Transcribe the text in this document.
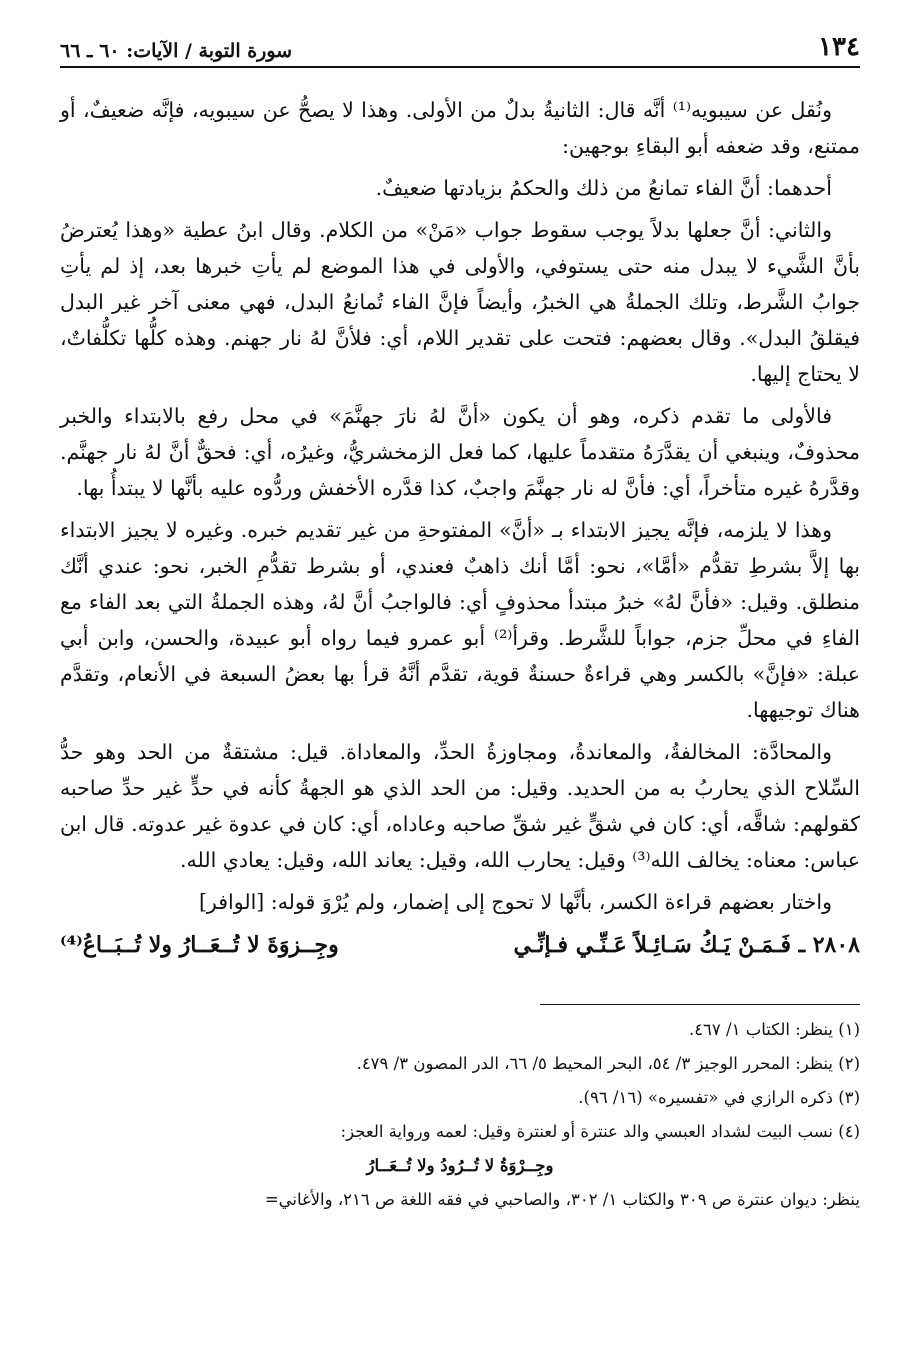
١٣٤
سورة التوبة / الآيات: ٦٠ ـ ٦٦

ونُقل عن سيبويه⁽¹⁾ أنَّه قال: الثانيةُ بدلٌ من الأولى. وهذا لا يصحُّ عن سيبويه، فإنَّه ضعيفٌ، أو ممتنع، وقد ضعفه أبو البقاءِ بوجهين:

أحدهما: أنَّ الفاء تمانعُ من ذلك والحكمُ بزيادتها ضعيفٌ.

والثاني: أنَّ جعلها بدلاً يوجب سقوط جواب «مَنْ» من الكلام. وقال ابنُ عطية «وهذا يُعترضُ بأنَّ الشَّيء لا يبدل منه حتى يستوفي، والأولى في هذا الموضع لم يأتِ خبرها بعد، إذ لم يأتِ جوابُ الشَّرط، وتلك الجملةُ هي الخبرُ، وأيضاً فإنَّ الفاء تُمانعُ البدل، فهي معنى آخر غير البدل فيقلقُ البدل». وقال بعضهم: فتحت على تقدير اللام، أي: فلأنَّ لهُ نار جهنم. وهذه كلُّها تكلُّفاتٌ، لا يحتاج إليها.

فالأولى ما تقدم ذكره، وهو أن يكون «أنَّ لهُ نارَ جهنَّمَ» في محل رفع بالابتداء والخبر محذوفٌ، وينبغي أن يقدَّرَهُ متقدماً عليها، كما فعل الزمخشريُّ، وغيرُه، أي: فحقٌّ أنَّ لهُ نار جهنَّم. وقدَّرهُ غيره متأخراً، أي: فأنَّ له نار جهنَّمَ واجبٌ، كذا قدَّره الأخفش وردُّوه عليه بأنَّها لا يبتدأُ بها.

وهذا لا يلزمه، فإنَّه يجيز الابتداء بـ «أنَّ» المفتوحةِ من غير تقديم خبره. وغيره لا يجيز الابتداء بها إلاَّ بشرطِ تقدُّم «أمَّا»، نحو: أمَّا أنك ذاهبٌ فعندي، أو بشرط تقدُّمِ الخبر، نحو: عندي أنَّك منطلق. وقيل: «فأنَّ لهُ» خبرُ مبتدأ محذوفٍ أي: فالواجبُ أنَّ لهُ، وهذه الجملةُ التي بعد الفاء مع الفاءِ في محلِّ جزم، جواباً للشَّرط. وقرأ⁽²⁾ أبو عمرو فيما رواه أبو عبيدة، والحسن، وابن أبي عبلة: «فإنَّ» بالكسر وهي قراءةٌ حسنةٌ قوية، تقدَّم أنَّهُ قرأ بها بعضُ السبعة في الأنعام، وتقدَّم هناك توجيهها.

والمحادَّة: المخالفةُ، والمعاندةُ، ومجاوزةُ الحدِّ، والمعاداة. قيل: مشتقةٌ من الحد وهو حدُّ السِّلاح الذي يحاربُ به من الحديد. وقيل: من الحد الذي هو الجهةُ كأنه في حدٍّ غير حدِّ صاحبه كقولهم: شاقَّه، أي: كان في شقٍّ غير شقِّ صاحبه وعاداه، أي: كان في عدوة غير عدوته. قال ابن عباس: معناه: يخالف الله⁽³⁾ وقيل: يحارب الله، وقيل: يعاند الله، وقيل: يعادي الله.

واختار بعضهم قراءة الكسر، بأنَّها لا تحوج إلى إضمار، ولم يُرْوَ قوله: [الوافر]

٢٨٠٨ ـ فَـمَـنْ يَـكُ سَـائِـلاً عَـنِّـي فـإنِّـي
وجِــزوَةَ لا تُــعَــارُ ولا تُــبَــاعُ⁽⁴⁾
(١) ينظر: الكتاب ١/ ٤٦٧.
(٢) ينظر: المحرر الوجيز ٣/ ٥٤، البحر المحيط ٥/ ٦٦، الدر المصون ٣/ ٤٧٩.
(٣) ذكره الرازي في «تفسيره» (١٦/ ٩٦).
(٤) نسب البيت لشداد العبسي والد عنترة أو لعنترة وقيل: لعمه ورواية العجز:
وجِــرْوَةُ لا تُــرُودُ ولا تُــعَــارُ
ينظر: ديوان عنترة ص ٣٠٩ والكتاب ١/ ٣٠٢، والصاحبي في فقه اللغة ص ٢١٦، والأغاني=
